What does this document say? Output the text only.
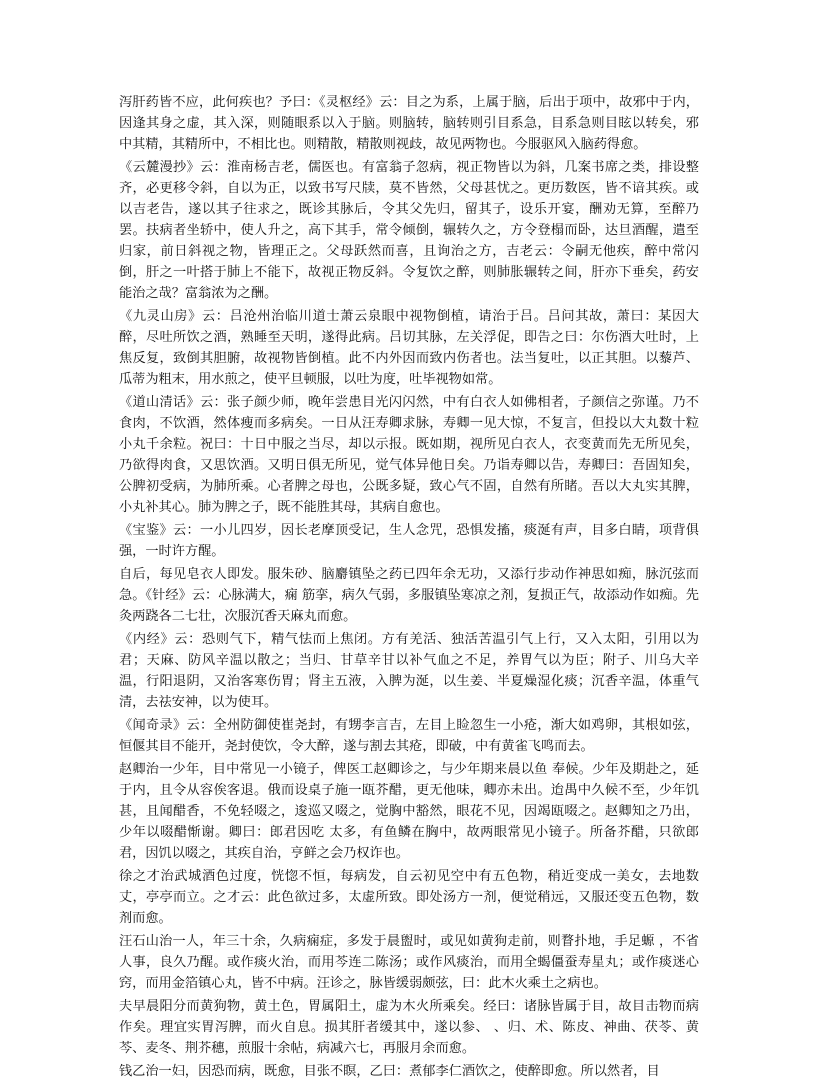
泻肝药皆不应，此何疾也？予曰：《灵枢经》云：目之为系，上属于脑，后出于项中，故邪中于内，因逢其身之虚，其入深，则随眼系以入于脑。则脑转，脑转则引目系急，目系急则目眩以转矣，邪中其精，其精所中，不相比也。则精散，精散则视歧，故见两物也。今服驱风入脑药得愈。

《云麓漫抄》云：淮南杨吉老，儒医也。有富翁子忽病，视正物皆以为斜，几案书席之类，排设整齐，必更移令斜，自以为正，以致书写尺牍，莫不皆然，父母甚忧之。更历数医，皆不谙其疾。或以吉老告，遂以其子往求之，既诊其脉后，令其父先归，留其子，设乐开宴，酬劝无算，至醉乃罢。扶病者坐轿中，使人升之，高下其手，常令倾倒，辗转久之，方令登榻而卧，达旦酒醒，遣至归家，前日斜视之物，皆理正之。父母跃然而喜，且询治之方，吉老云：令嗣无他疾，醉中常闪倒，肝之一叶搭于肺上不能下，故视正物反斜。令复饮之醉，则肺胀辗转之间，肝亦下垂矣，药安能治之哉？富翁浓为之酬。

《九灵山房》云：吕沧州治临川道士萧云泉眼中视物倒植，请治于吕。吕问其故，萧曰：某因大醉，尽吐所饮之酒，熟睡至天明，遂得此病。吕切其脉，左关浮促，即告之曰：尔伤酒大吐时，上焦反复，致倒其胆腑，故视物皆倒植。此不内外因而致内伤者也。法当复吐，以正其胆。以藜芦、瓜蒂为粗末，用水煎之，使平旦顿服，以吐为度，吐毕视物如常。

《道山清话》云：张子颜少师，晚年尝患目光闪闪然，中有白衣人如佛相者，子颜信之弥谨。乃不食肉，不饮酒，然体瘦而多病矣。一日从汪寿卿求脉，寿卿一见大惊，不复言，但投以大丸数十粒小丸千余粒。祝曰：十日中服之当尽，却以示报。既如期，视所见白衣人，衣变黄而先无所见矣，乃欲得肉食，又思饮酒。又明日俱无所见，觉气体异他日矣。乃诣寿卿以告，寿卿曰：吾固知矣，公脾初受病，为肺所乘。心者脾之母也，公既多疑，致心气不固，自然有所睹。吾以大丸实其脾，小丸补其心。肺为脾之子，既不能胜其母，其病自愈也。

《宝鉴》云：一小儿四岁，因长老摩顶受记，生人念咒，恐惧发搐，痰涎有声，目多白睛，项背俱强，一时许方醒。

自后，每见皂衣人即发。服朱砂、脑麝镇坠之药已四年余无功，又添行步动作神思如痴，脉沉弦而急。《针经》云：心脉满大，痫 筋挛，病久气弱，多服镇坠寒凉之剂，复损正气，故添动作如痴。先灸两跷各二七壮，次服沉香天麻丸而愈。

《内经》云：恐则气下，精气怯而上焦闭。方有羌活、独活苦温引气上行，又入太阳，引用以为君；天麻、防风辛温以散之；当归、甘草辛甘以补气血之不足，养胃气以为臣；附子、川乌大辛温，行阳退阴，又治客寒伤胃；肾主五液，入脾为涎，以生姜、半夏燥湿化痰；沉香辛温，体重气清，去祛安神，以为使耳。

《闻奇录》云：全州防御使崔尧封，有甥李言吉，左目上睑忽生一小疮，渐大如鸡卵，其根如弦，恒偃其目不能开，尧封使饮，令大醉，遂与割去其疮，即破，中有黄雀飞鸣而去。

赵卿治一少年，目中常见一小镜子，俾医工赵卿诊之，与少年期来晨以鱼 奉候。少年及期赴之，延于内，且令从容俟客退。俄而设桌子施一瓯芥醋，更无他味，卿亦未出。迨禺中久候不至，少年饥甚，且闻醋香，不免轻啜之，逡巡又啜之，觉胸中豁然，眼花不见，因竭瓯啜之。赵卿知之乃出，少年以啜醋惭谢。卿曰：郎君因吃 太多，有鱼鳞在胸中，故两眼常见小镜子。所备芥醋，只欲郎君，因饥以啜之，其疾自治，亨鲜之会乃权诈也。

徐之才治武城酒色过度，恍惚不恒，每病发，自云初见空中有五色物，稍近变成一美女，去地数丈，亭亭而立。之才云：此色欲过多，太虚所致。即处汤方一剂，便觉稍远，又服还变五色物，数剂而愈。

汪石山治一人，年三十余，久病痫症，多发于晨盥时，或见如黄狗走前，则瞀扑地，手足螈 ，不省人事，良久乃醒。或作痰火治，而用芩连二陈汤；或作风痰治，而用全蝎僵蚕寿星丸；或作痰迷心窍，而用金箔镇心丸，皆不中病。汪诊之，脉皆缓弱颇弦，曰：此木火乘土之病也。

夫早晨阳分而黄狗物，黄土色，胃属阳土，虚为木火所乘矣。经曰：诸脉皆属于目，故目击物而病作矣。理宜实胃泻脾，而火自息。损其肝者缓其中，遂以参、 、归、术、陈皮、神曲、茯苓、黄芩、麦冬、荆芥穗，煎服十余帖，病减六七，再服月余而愈。

钱乙治一妇，因恐而病，既愈，目张不瞑，乙曰：煮郁李仁酒饮之，使醉即愈。所以然者，目
